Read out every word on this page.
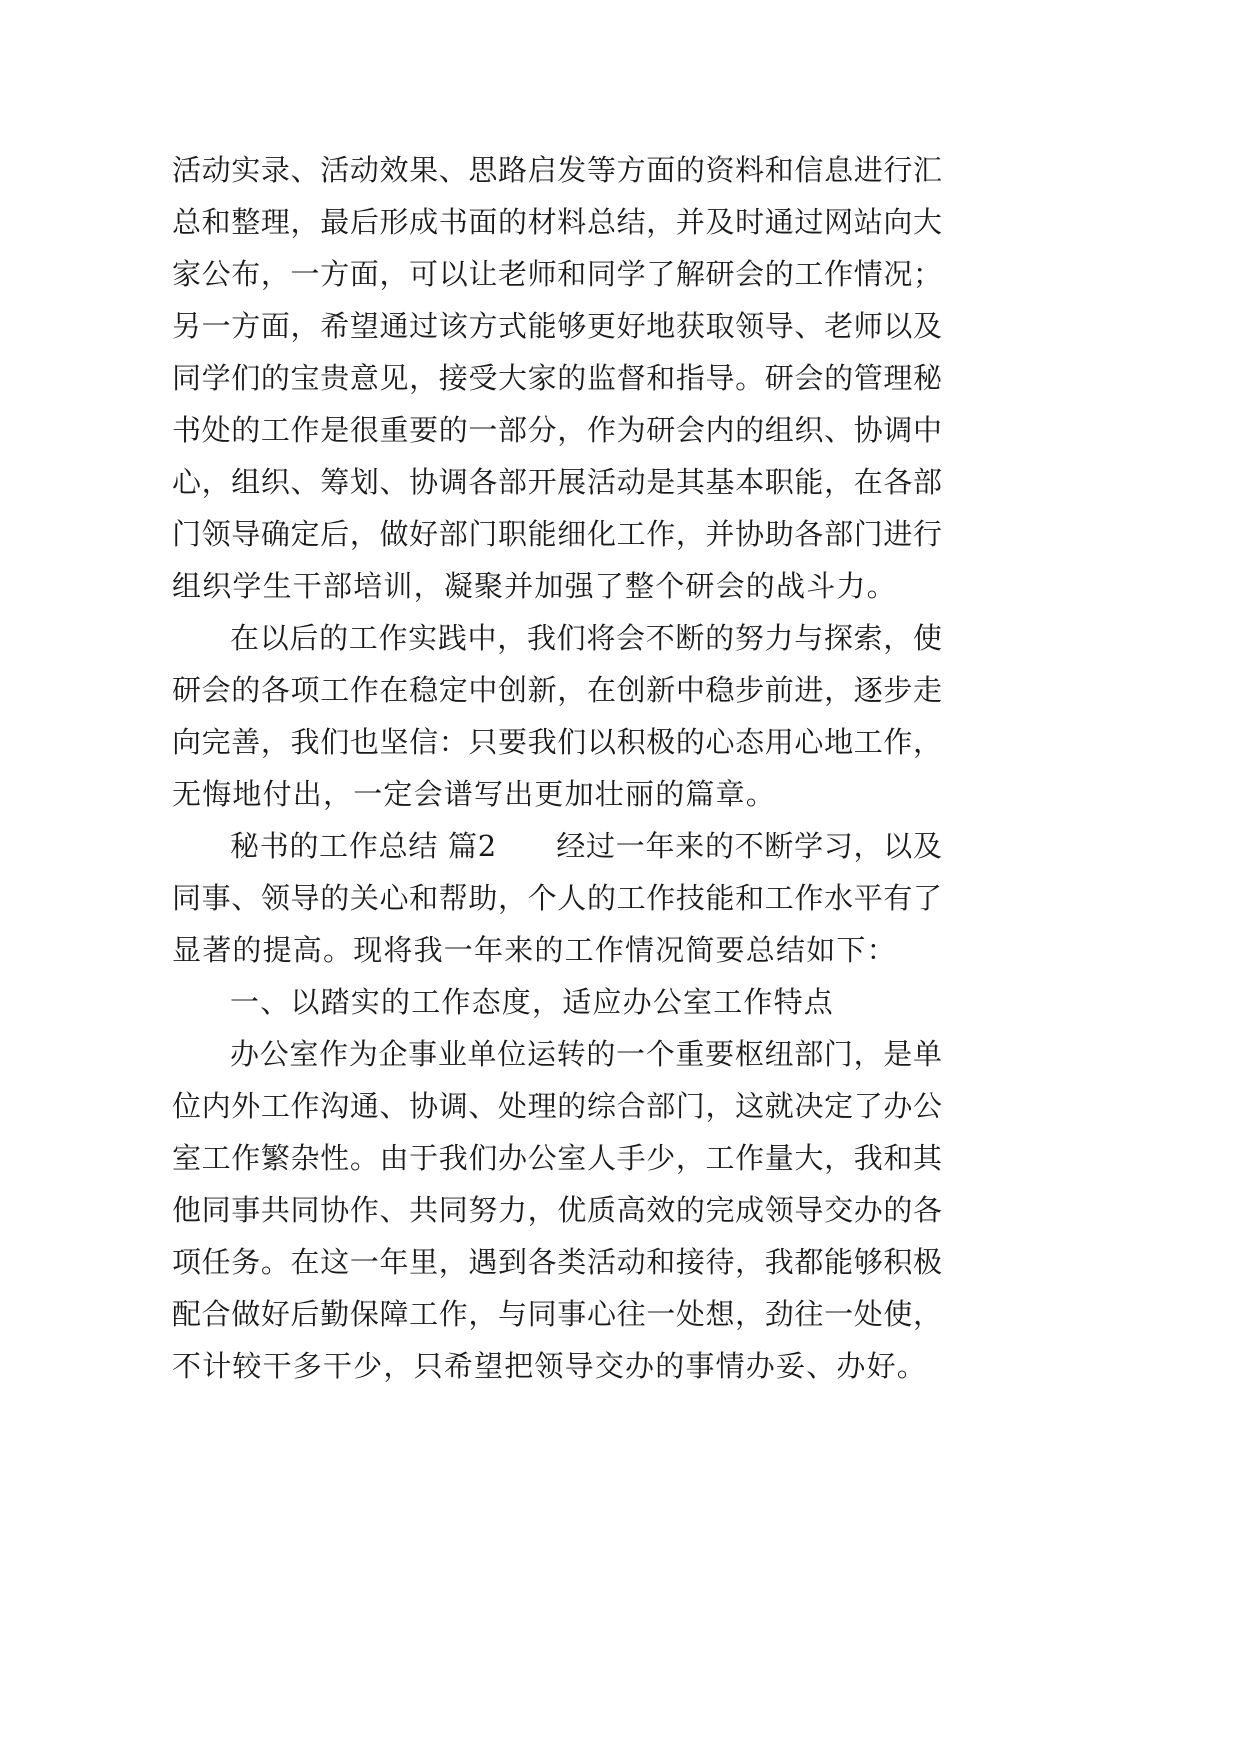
活动实录、活动效果、思路启发等方面的资料和信息进行汇
总和整理，最后形成书面的材料总结，并及时通过网站向大
家公布，一方面，可以让老师和同学了解研会的工作情况；
另一方面，希望通过该方式能够更好地获取领导、老师以及
同学们的宝贵意见，接受大家的监督和指导。研会的管理秘
书处的工作是很重要的一部分，作为研会内的组织、协调中
心，组织、筹划、协调各部开展活动是其基本职能，在各部
门领导确定后，做好部门职能细化工作，并协助各部门进行
组织学生干部培训，凝聚并加强了整个研会的战斗力。
在以后的工作实践中，我们将会不断的努力与探索，使
研会的各项工作在稳定中创新，在创新中稳步前进，逐步走
向完善，我们也坚信：只要我们以积极的心态用心地工作，
无悔地付出，一定会谱写出更加壮丽的篇章。
秘书的工作总结 篇2　　经过一年来的不断学习，以及
同事、领导的关心和帮助，个人的工作技能和工作水平有了
显著的提高。现将我一年来的工作情况简要总结如下：
一、以踏实的工作态度，适应办公室工作特点
办公室作为企事业单位运转的一个重要枢纽部门，是单
位内外工作沟通、协调、处理的综合部门，这就决定了办公
室工作繁杂性。由于我们办公室人手少，工作量大，我和其
他同事共同协作、共同努力，优质高效的完成领导交办的各
项任务。在这一年里，遇到各类活动和接待，我都能够积极
配合做好后勤保障工作，与同事心往一处想，劲往一处使，
不计较干多干少，只希望把领导交办的事情办妥、办好。
